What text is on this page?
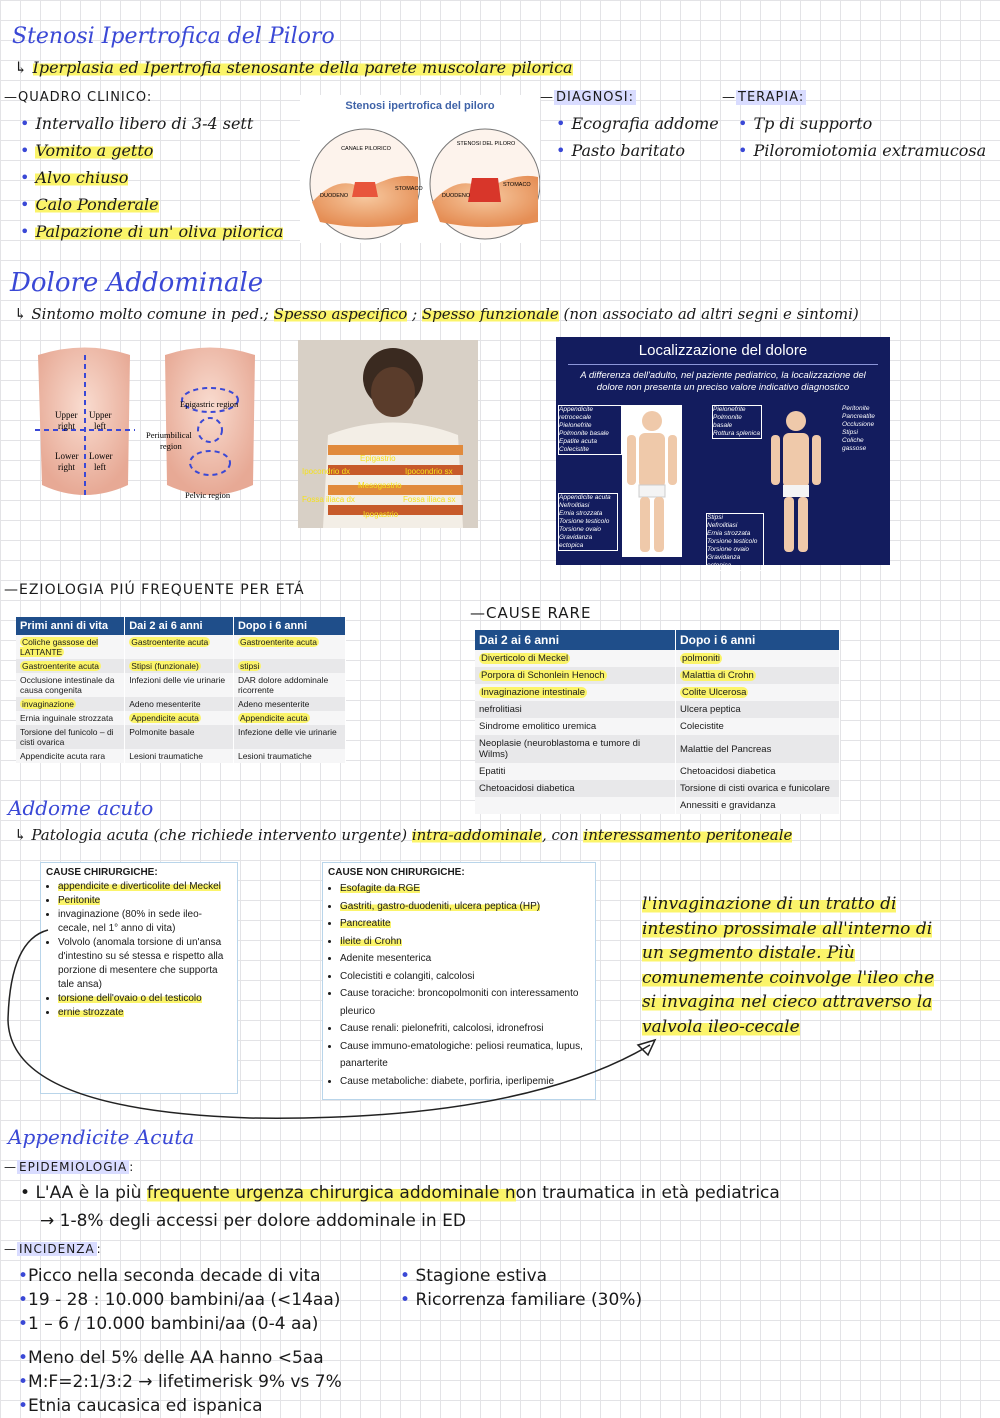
Stenosi Ipertrofica del Piloro
↳ Iperplasia ed Ipertrofia stenosante della parete muscolare pilorica
—QUADRO CLINICO:
• Intervallo libero di 3-4 sett
• Vomito a getto
• Alvo chiuso
• Calo Ponderale
• Palpazione di un' oliva pilorica
Stenosi ipertrofica del piloro
CANALE PILORICO
STENOSI DEL PILORO
STOMACO
STOMACO
DUODENO	DUODENO
— DIAGNOSI:
• Ecografia addome
• Pasto baritato
— TERAPIA:
• Tp di supporto
• Piloromiotomia extramucosa
Dolore Addominale
↳ Sintomo molto comune in ped.; Spesso aspecifico ; Spesso funzionale (non associato ad altri segni e sintomi)
Upper
right
Upper
left
Lower
right
Lower
left
Epigastric region
Periumbilical
region
Pelvic region
Epigastrio
Ipocondrio dx	Ipocondrio sx
Mesogastrio
Fossa iliaca dx	Fossa iliaca sx
Ipogastrio
Localizzazione del dolore
A differenza dell'adulto, nel paziente pediatrico, la localizzazione del dolore non presenta un preciso valore indicativo diagnostico
Appendicite retrocecale
Pielonefrite
Polmonite basale
Epatite acuta
Colecistite
Pielonefrite
Polmonite basale
Rottura splenica
Peritonite
Pancreatite
Occlusione
Stipsi
Coliche gassose
Appendicite acuta
Nefrolitiasi
Ernia strozzata
Torsione testicolo
Torsione ovaio
Gravidanza ectopica
Stipsi
Nefrolitiasi
Ernia strozzata
Torsione testicolo
Torsione ovaio
Gravidanza ectopica
—EZIOLOGIA PIÚ FREQUENTE PER ETÁ
Primi anni di vita	Dai 2 ai 6 anni	Dopo i 6 anni
Coliche gassose del LATTANTE	Gastroenterite acuta	Gastroenterite acuta
Gastroenterite acuta	Stipsi (funzionale)	stipsi
Occlusione intestinale da causa congenita	Infezioni delle vie urinarie	DAR dolore addominale ricorrente
invaginazione	Adeno mesenterite	Adeno mesenterite
Ernia inguinale strozzata	Appendicite acuta	Appendicite acuta
Torsione del funicolo – di cisti ovarica	Polmonite basale	Infezione delle vie urinarie
Appendicite acuta rara	Lesioni traumatiche	Lesioni traumatiche
—CAUSE RARE
Dai 2 ai 6 anni	Dopo i 6 anni
Diverticolo di Meckel	polmoniti
Porpora di Schonlein Henoch	Malattia di Crohn
Invaginazione intestinale	Colite Ulcerosa
nefrolitiasi	Ulcera peptica
Sindrome emolitico uremica	Colecistite
Neoplasie (neuroblastoma e tumore di Wilms)	Malattie del Pancreas
Epatiti	Chetoacidosi diabetica
Chetoacidosi diabetica	Torsione di cisti ovarica e funicolare
	Annessiti e gravidanza
Addome acuto
↳ Patologia acuta (che richiede intervento urgente) intra-addominale, con interessamento peritoneale
CAUSE CHIRURGICHE:
• appendicite e diverticolite del Meckel
• Peritonite
• invaginazione (80% in sede ileo-cecale, nel 1° anno di vita)
• Volvolo (anomala torsione di un'ansa d'intestino su sé stessa e rispetto alla porzione di mesentere che supporta tale ansa)
• torsione dell'ovaio o del testicolo
• ernie strozzate
CAUSE NON CHIRURGICHE:
• Esofagite da RGE
• Gastriti, gastro-duodeniti, ulcera peptica (HP)
• Pancreatite
• Ileite di Crohn
• Adenite mesenterica
• Colecistiti e colangiti, calcolosi
• Cause toraciche: broncopolmoniti con interessamento pleurico
• Cause renali: pielonefriti, calcolosi, idronefrosi
• Cause immuno-ematologiche: peliosi reumatica, lupus, panarterite
• Cause metaboliche: diabete, porfiria, iperlipemie
l'invaginazione di un tratto di intestino prossimale all'interno di un segmento distale. Più comunemente coinvolge l'ileo che si invagina nel cieco attraverso la valvola ileo-cecale
Appendicite Acuta
— EPIDEMIOLOGIA :
• L'AA è la più frequente urgenza chirurgica addominale non traumatica in età pediatrica
→ 1-8% degli accessi per dolore addominale in ED
— INCIDENZA :
•Picco nella seconda decade di vita
•19 - 28 : 10.000 bambini/aa (<14aa)
•1 – 6 / 10.000 bambini/aa (0-4 aa)
• Stagione estiva
• Ricorrenza familiare (30%)
•Meno del 5% delle AA hanno <5aa
•M:F=2:1/3:2 → lifetimerisk 9% vs 7%
•Etnia caucasica ed ispanica
